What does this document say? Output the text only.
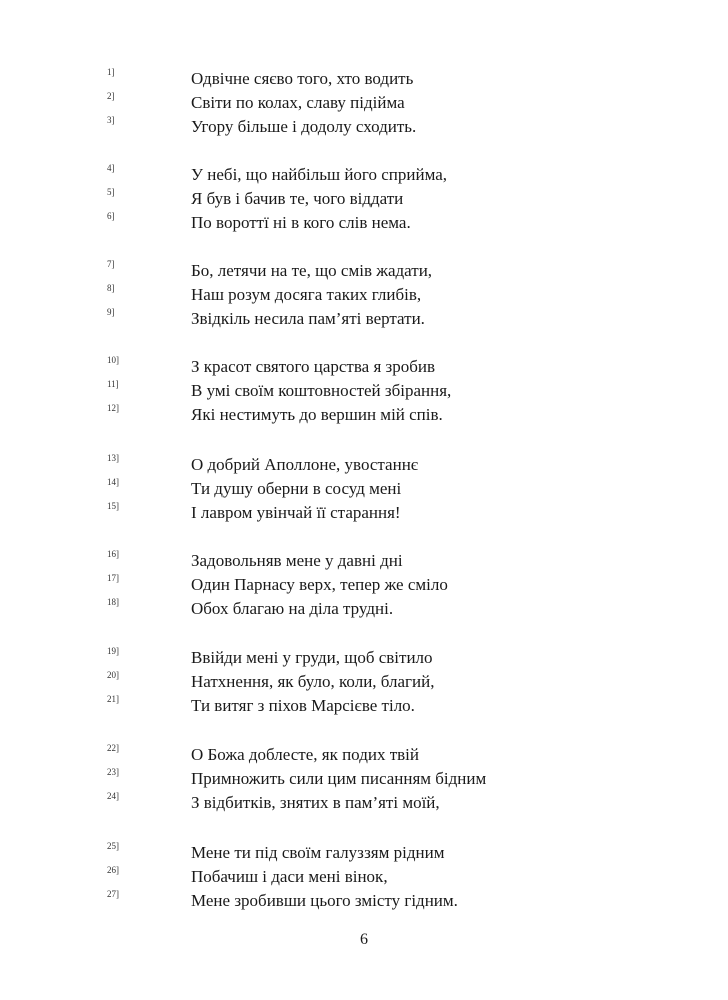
1]	Одвічне сяєво того, хто водить
2]	Світи по колах, славу підійма
3]	Угору більше і додолу сходить.
4]	У небі, що найбільш його сприйма,
5]	Я був і бачив те, чого віддати
6]	По вороттї ні в кого слів нема.
7]	Бо, летячи на те, що смів жадати,
8]	Наш розум досяга таких глибів,
9]	Звідкіль несила пам’яті вертати.
10]	З красот святого царства я зробив
11]	В умі своїм коштовностей збірання,
12]	Які нестимуть до вершин мій спів.
13]	О добрий Аполлоне, увостаннє
14]	Ти душу оберни в сосуд мені
15]	І лавром увінчай її старання!
16]	Задовольняв мене у давні дні
17]	Один Парнасу верх, тепер же сміло
18]	Обох благаю на діла трудні.
19]	Ввійди мені у груди, щоб світило
20]	Натхнення, як було, коли, благий,
21]	Ти витяг з піхов Марсієве тіло.
22]	О Божа доблесте, як подих твій
23]	Примножить сили цим писанням бідним
24]	З відбитків, знятих в пам’яті моїй,
25]	Мене ти під своїм галуззям рідним
26]	Побачиш і даси мені вінок,
27]	Мене зробивши цього змісту гідним.
6
